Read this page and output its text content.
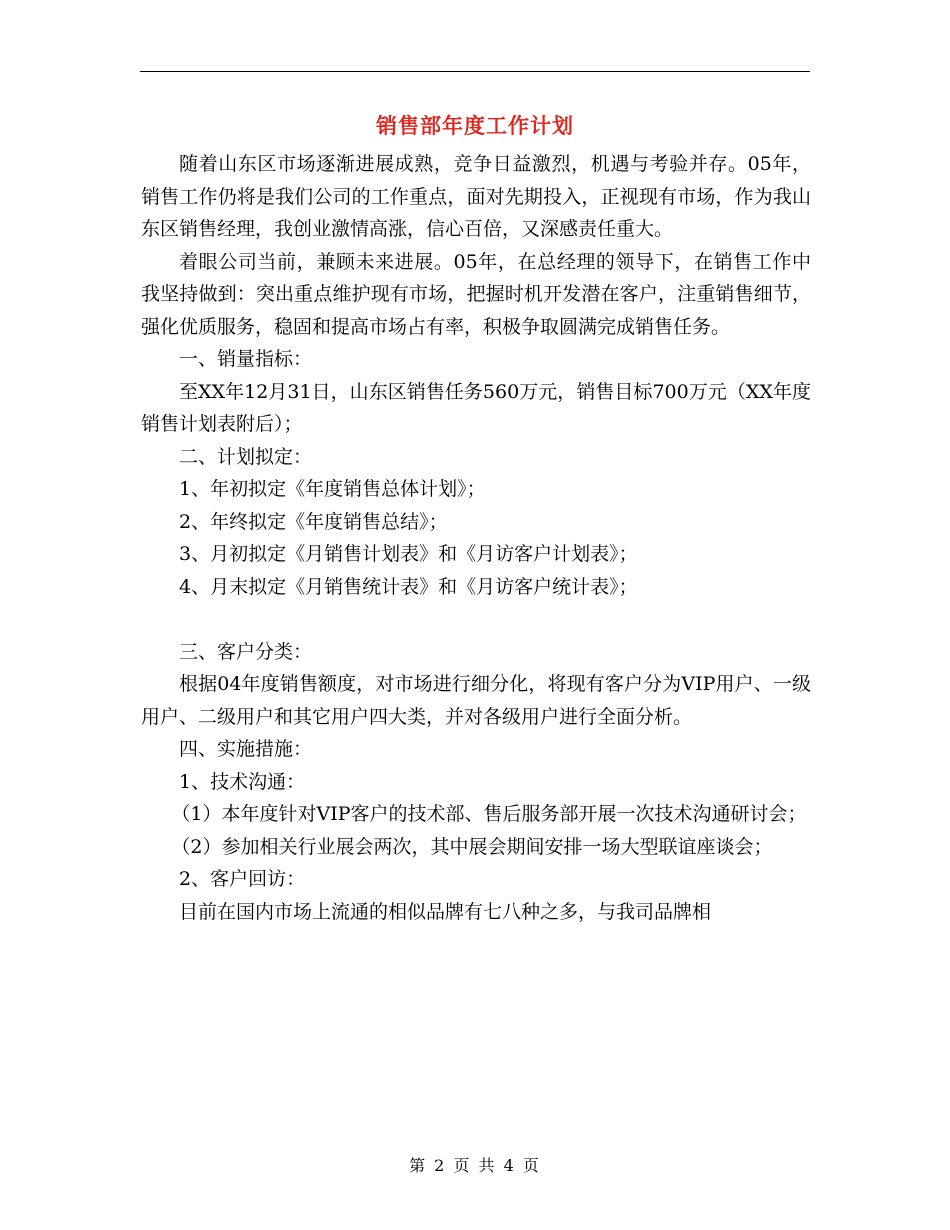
销售部年度工作计划

随着山东区市场逐渐进展成熟，竞争日益激烈，机遇与考验并存。05年，销售工作仍将是我们公司的工作重点，面对先期投入，正视现有市场，作为我山东区销售经理，我创业激情高涨，信心百倍，又深感责任重大。

着眼公司当前，兼顾未来进展。05年，在总经理的领导下，在销售工作中我坚持做到：突出重点维护现有市场，把握时机开发潜在客户，注重销售细节，强化优质服务，稳固和提高市场占有率，积极争取圆满完成销售任务。

一、销量指标：

至XX年12月31日，山东区销售任务560万元，销售目标700万元（XX年度销售计划表附后）；

二、计划拟定：

1、年初拟定《年度销售总体计划》；

2、年终拟定《年度销售总结》；

3、月初拟定《月销售计划表》和《月访客户计划表》；

4、月末拟定《月销售统计表》和《月访客户统计表》；

三、客户分类：

根据04年度销售额度，对市场进行细分化，将现有客户分为VIP用户、一级用户、二级用户和其它用户四大类，并对各级用户进行全面分析。

四、实施措施：

1、技术沟通：

（1）本年度针对VIP客户的技术部、售后服务部开展一次技术沟通研讨会；

（2）参加相关行业展会两次，其中展会期间安排一场大型联谊座谈会；

2、客户回访：

目前在国内市场上流通的相似品牌有七八种之多，与我司品牌相

第 2 页 共 4 页
